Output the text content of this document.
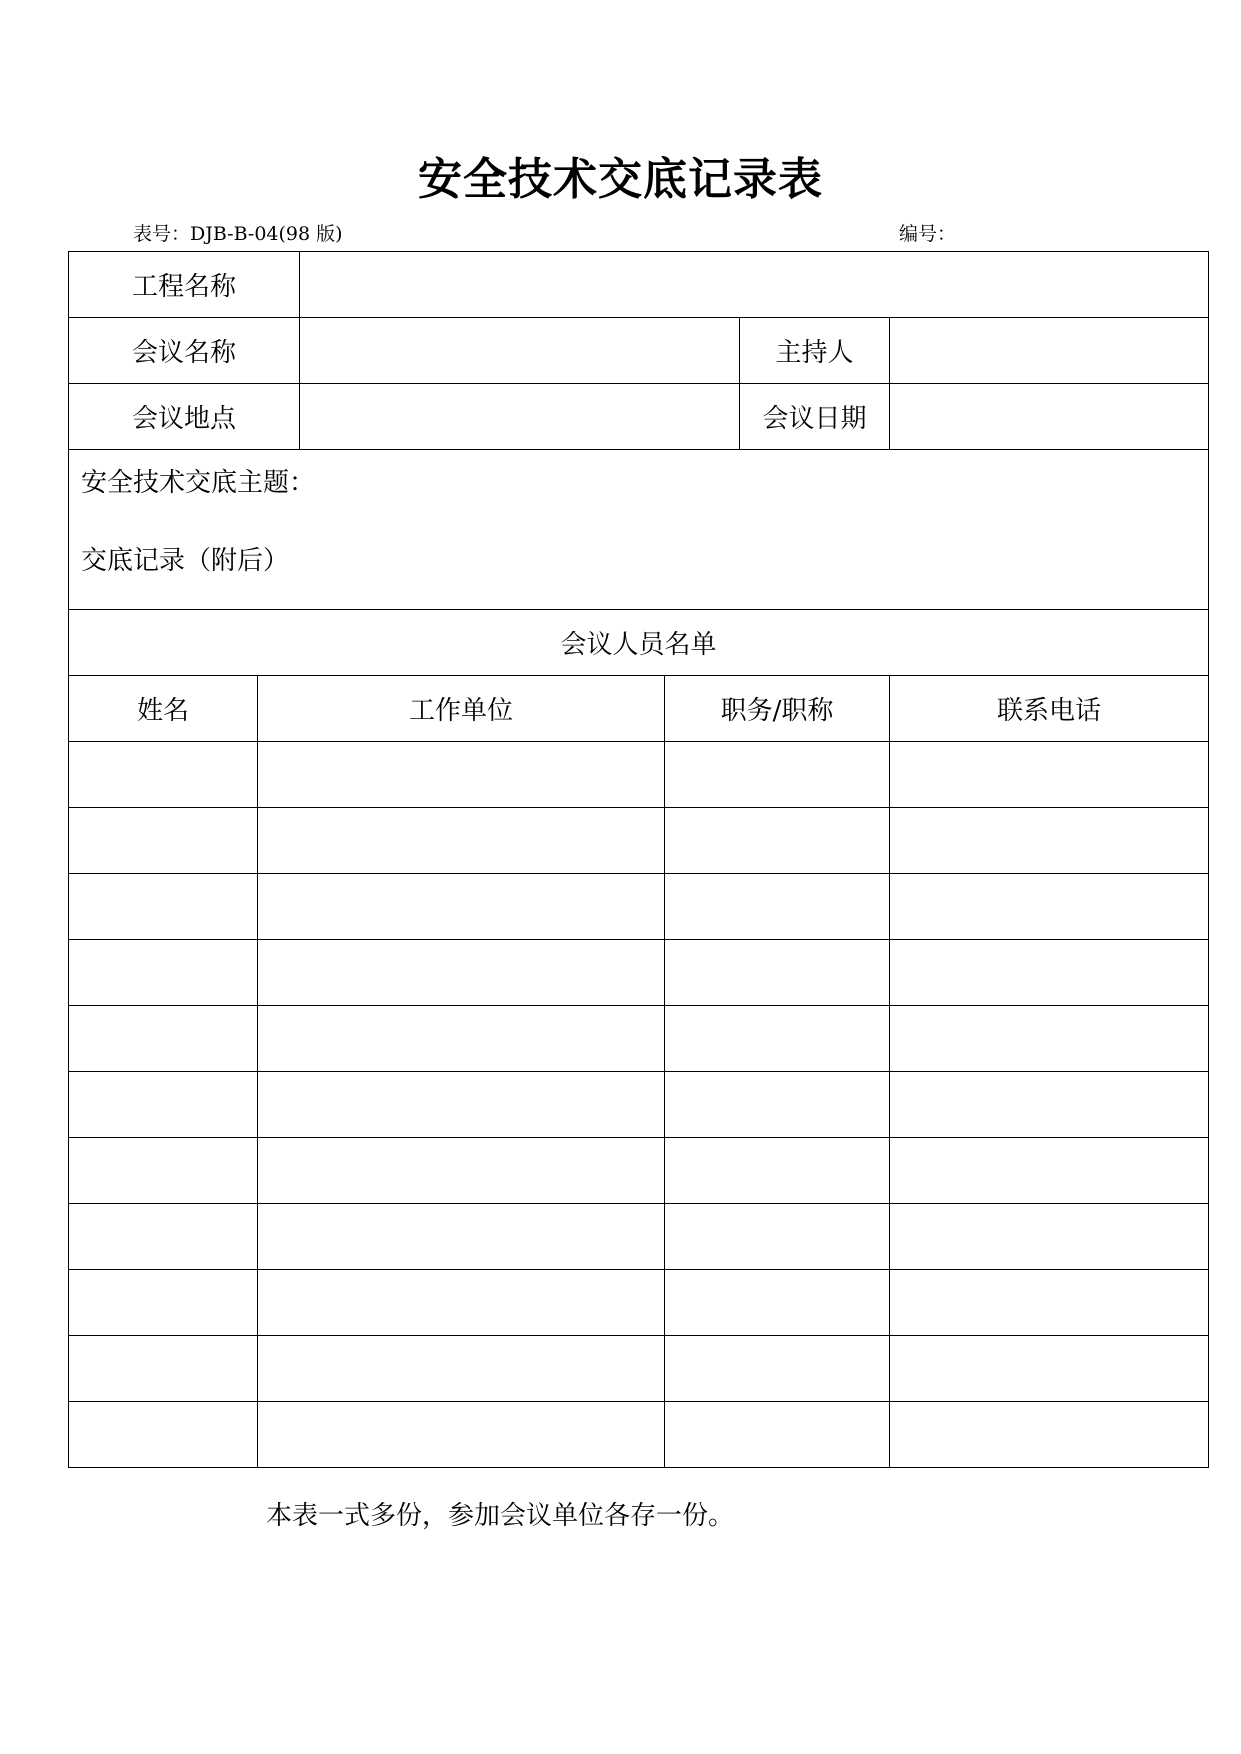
安全技术交底记录表
表号：DJB-B-04(98 版)	编号：
工程名称					
会议名称				主持人	
会议地点				会议日期	

安全技术交底主题：
交底记录（附后）					

会议人员名单					
姓名	工作单位		职务/职称		联系电话

本表一式多份，参加会议单位各存一份。
